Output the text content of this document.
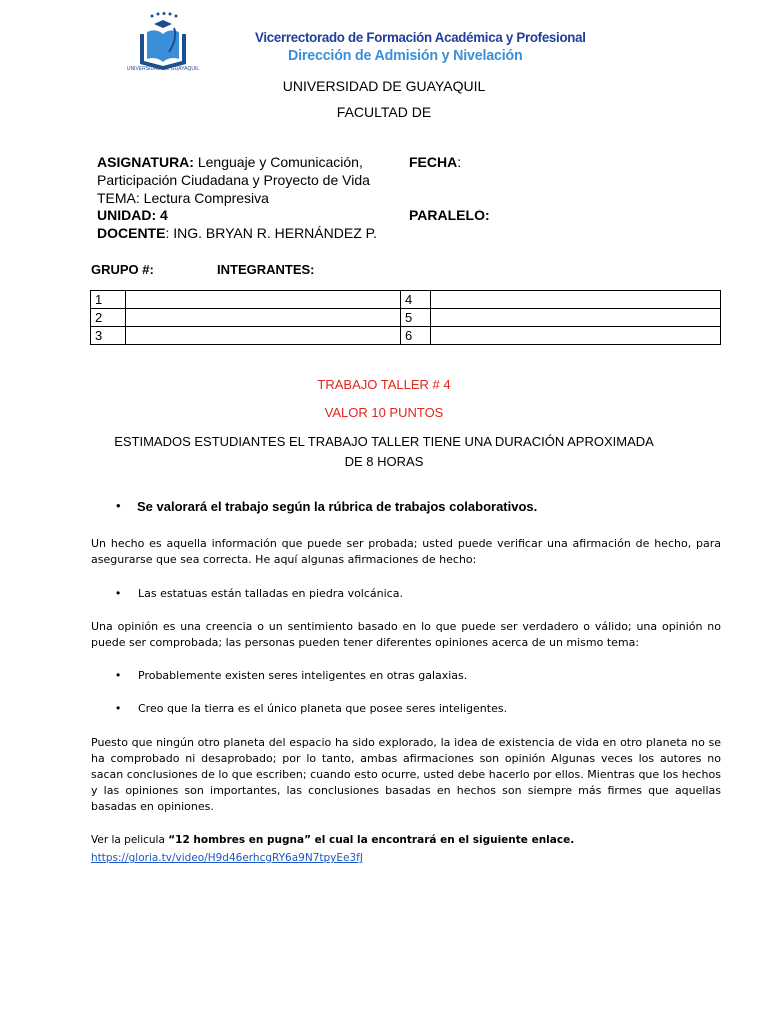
UNIVERSIDAD DE GUAYAQUIL
Vicerrectorado de Formación Académica y Profesional
Dirección de Admisión y Nivelación
UNIVERSIDAD DE GUAYAQUIL
FACULTAD DE
ASIGNATURA: Lenguaje y Comunicación,
Participación Ciudadana y Proyecto de Vida
TEMA: Lectura Compresiva
UNIDAD: 4
DOCENTE: ING. BRYAN R. HERNÁNDEZ P.
FECHA:
PARALELO:
GRUPO #:	INTEGRANTES:
1		4	
2		5	
3		6	
TRABAJO TALLER # 4
VALOR 10 PUNTOS
ESTIMADOS ESTUDIANTES EL TRABAJO TALLER TIENE UNA DURACIÓN APROXIMADA
DE 8 HORAS
• Se valorará el trabajo según la rúbrica de trabajos colaborativos.
Un hecho es aquella información que puede ser probada; usted puede verificar una afirmación de hecho, para asegurarse que sea correcta. He aquí algunas afirmaciones de hecho:
• Las estatuas están talladas en piedra volcánica.
Una opinión es una creencia o un sentimiento basado en lo que puede ser verdadero o válido; una opinión no puede ser comprobada; las personas pueden tener diferentes opiniones acerca de un mismo tema:
• Probablemente existen seres inteligentes en otras galaxias.
• Creo que la tierra es el único planeta que posee seres inteligentes.
Puesto que ningún otro planeta del espacio ha sido explorado, la idea de existencia de vida en otro planeta no se ha comprobado ni desaprobado; por lo tanto, ambas afirmaciones son opinión Algunas veces los autores no sacan conclusiones de lo que escriben; cuando esto ocurre, usted debe hacerlo por ellos. Mientras que los hechos y las opiniones son importantes, las conclusiones basadas en hechos son siempre más firmes que aquellas basadas en opiniones.
Ver la pelicula “12 hombres en pugna” el cual la encontrará en el siguiente enlace.
https://gloria.tv/video/H9d46erhcgRY6a9N7tpyEe3fJ
